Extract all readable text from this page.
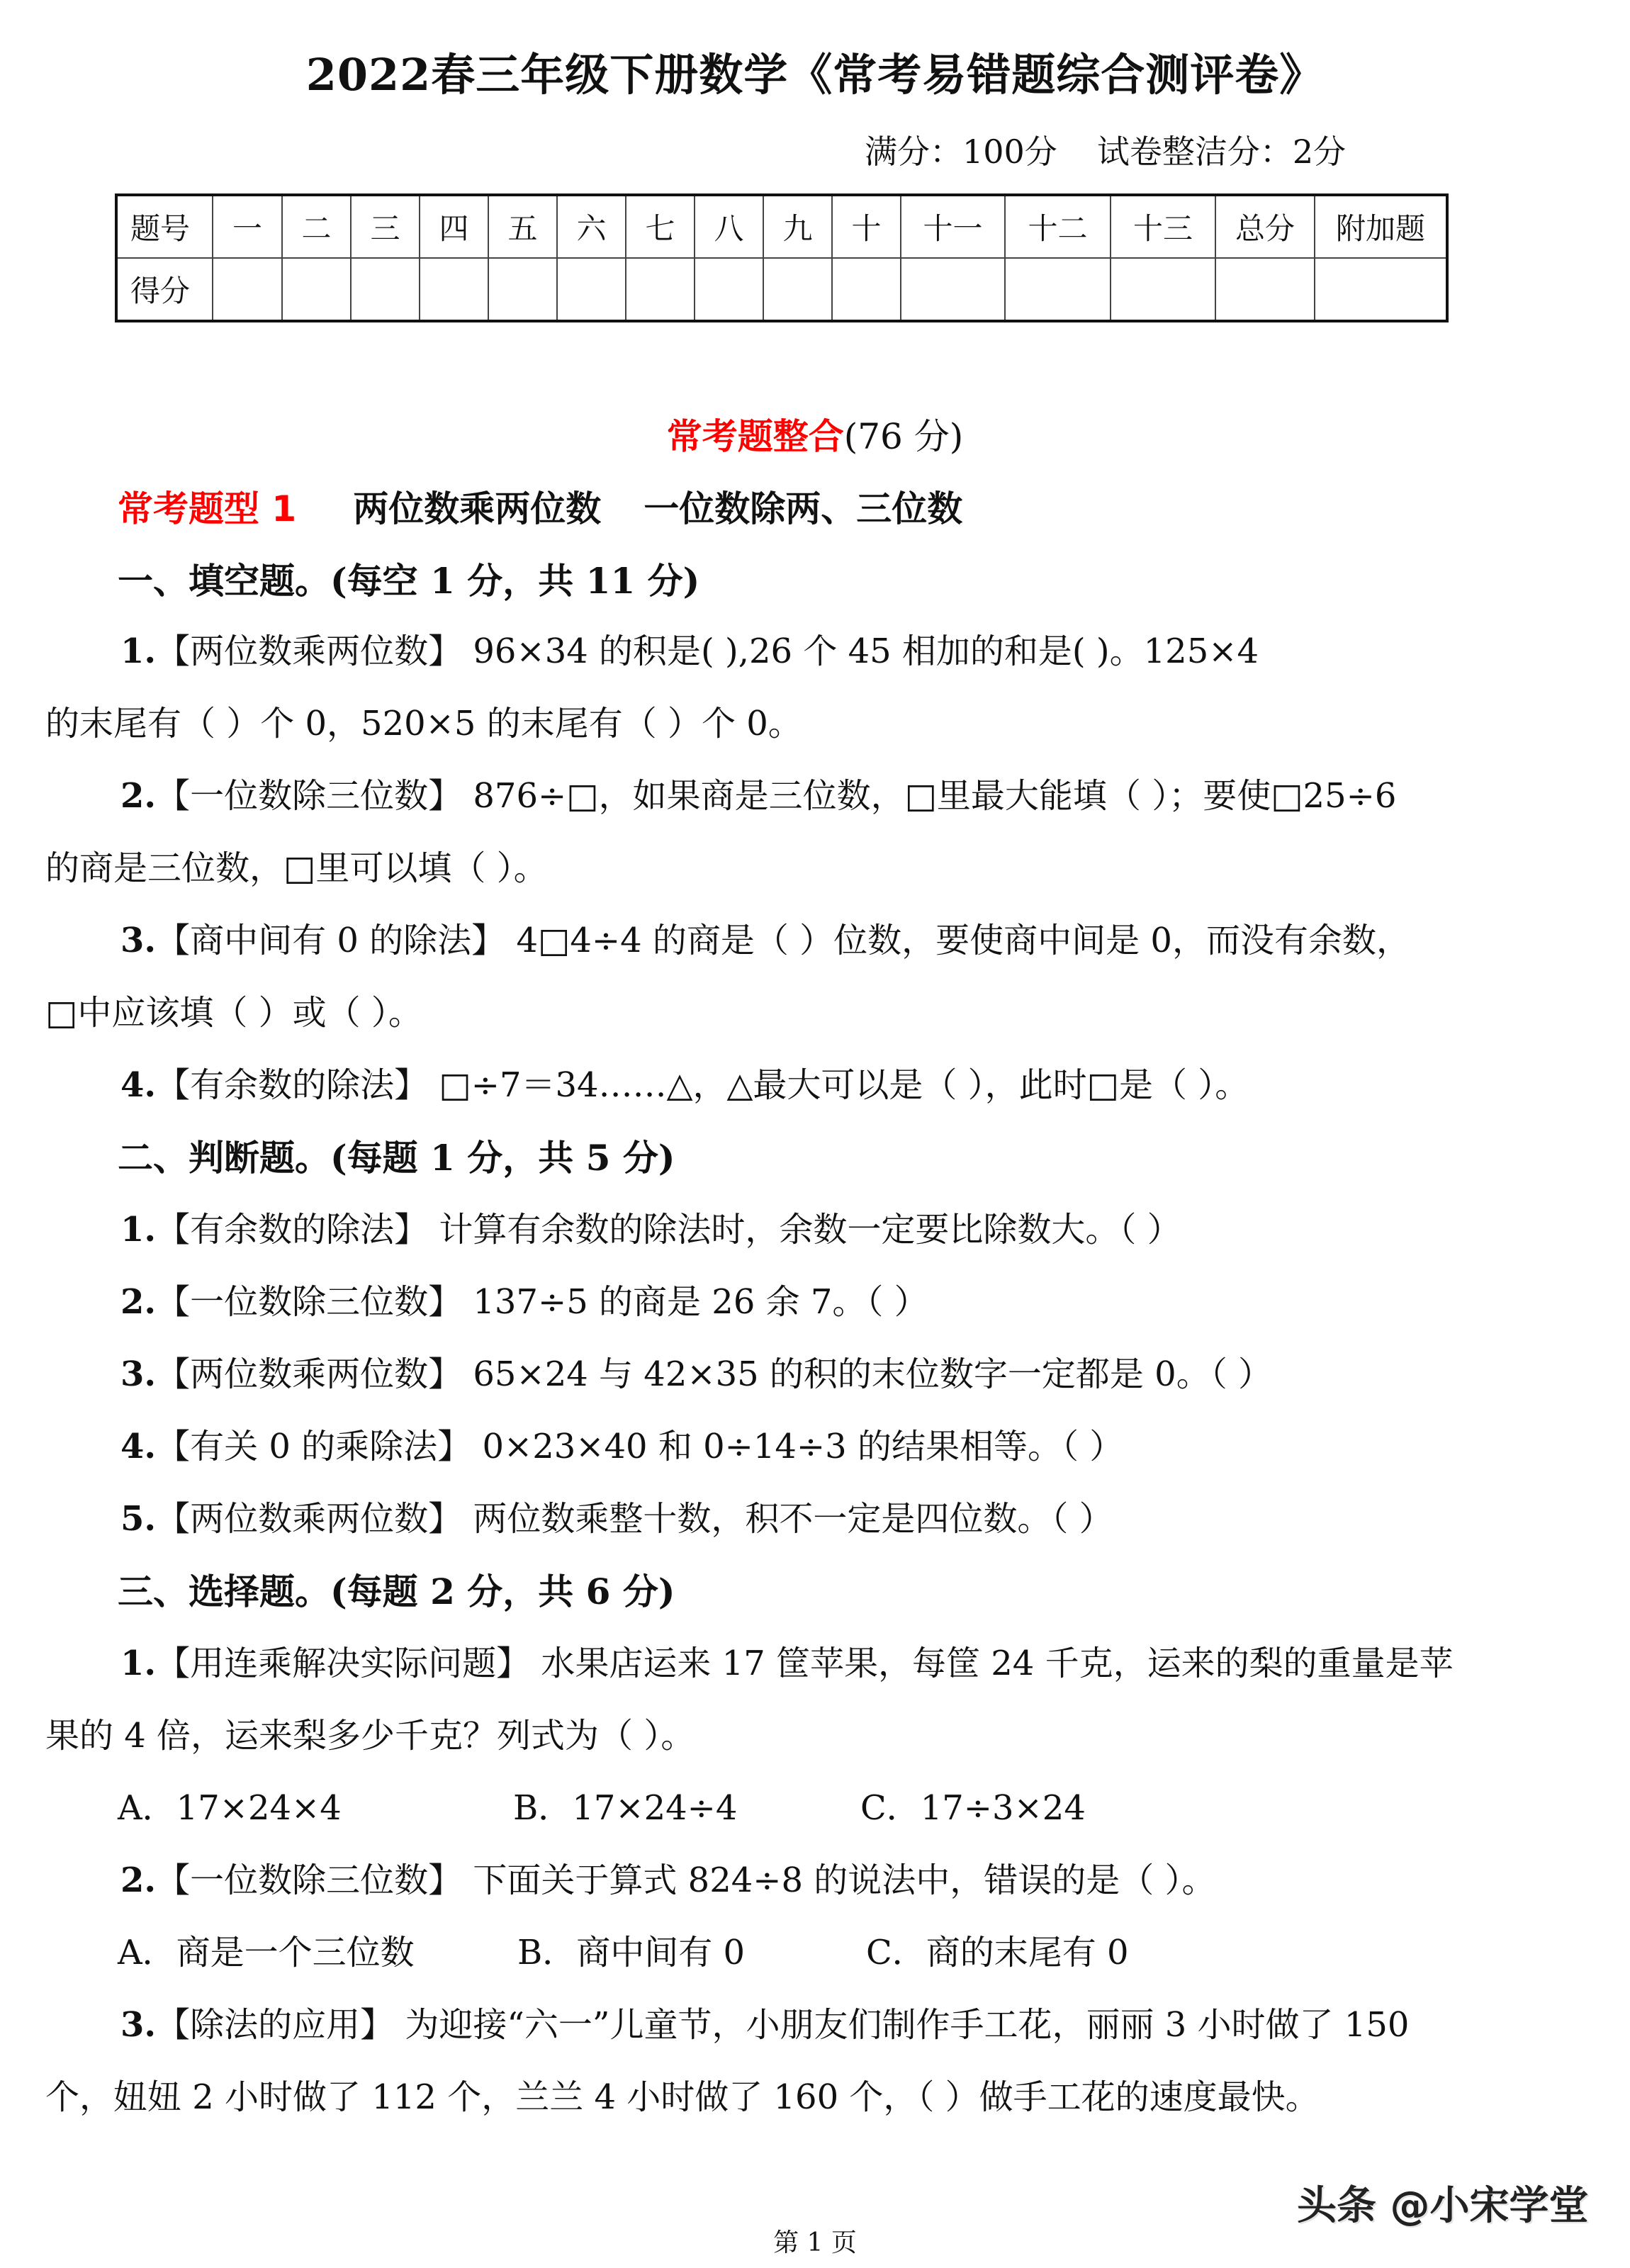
2022春三年级下册数学《常考易错题综合测评卷》
满分：100分 试卷整洁分：2分
题号	一	二	三	四	五	六	七	八	九	十	十一	十二	十三	总分	附加题
得分															
常考题整合(76 分)
常考题型 1 两位数乘两位数 一位数除两、三位数
一、填空题。(每空 1 分，共 11 分)
1.【两位数乘两位数】 96×34 的积是( ),26 个 45 相加的和是( )。125×4
的末尾有（ ）个 0，520×5 的末尾有（ ）个 0。
2.【一位数除三位数】 876÷□，如果商是三位数，□里最大能填（ ）；要使□25÷6
的商是三位数，□里可以填（ ）。
3.【商中间有 0 的除法】 4□4÷4 的商是（ ）位数，要使商中间是 0，而没有余数，
□中应该填（ ）或（ ）。
4.【有余数的除法】 □÷7＝34……△，△最大可以是（ ），此时□是（ ）。
二、判断题。(每题 1 分，共 5 分)
1.【有余数的除法】 计算有余数的除法时，余数一定要比除数大。（ ）
2.【一位数除三位数】 137÷5 的商是 26 余 7。（ ）
3.【两位数乘两位数】 65×24 与 42×35 的积的末位数字一定都是 0。（ ）
4.【有关 0 的乘除法】 0×23×40 和 0÷14÷3 的结果相等。（ ）
5.【两位数乘两位数】 两位数乘整十数，积不一定是四位数。（ ）
三、选择题。(每题 2 分，共 6 分)
1.【用连乘解决实际问题】 水果店运来 17 筐苹果，每筐 24 千克，运来的梨的重量是苹
果的 4 倍，运来梨多少千克？列式为（ ）。
A．17×24×4	B．17×24÷4	C．17÷3×24
2.【一位数除三位数】 下面关于算式 824÷8 的说法中，错误的是（ ）。
A．商是一个三位数	B．商中间有 0	C．商的末尾有 0
3.【除法的应用】 为迎接“六一”儿童节，小朋友们制作手工花，丽丽 3 小时做了 150
个，妞妞 2 小时做了 112 个，兰兰 4 小时做了 160 个，（ ）做手工花的速度最快。
头条 @小宋学堂
第 1 页
